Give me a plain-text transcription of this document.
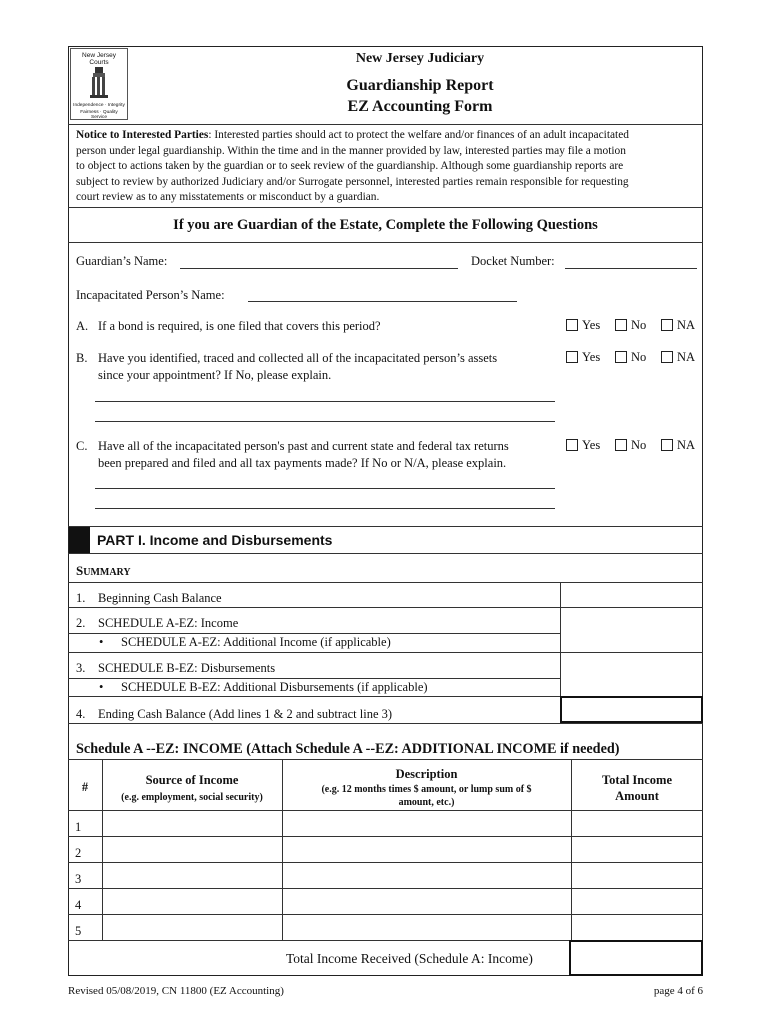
New Jersey Courts
Independence · Integrity
Fairness · Quality Service
New Jersey Judiciary
Guardianship Report
EZ Accounting Form
Notice to Interested Parties: Interested parties should act to protect the welfare and/or finances of an adult incapacitated
person under legal guardianship. Within the time and in the manner provided by law, interested parties may file a motion
to object to actions taken by the guardian or to seek review of the guardianship. Although some guardianship reports are
subject to review by authorized Judiciary and/or Surrogate personnel, interested parties remain responsible for requesting
court review as to any misstatements or misconduct by a guardian.
If you are Guardian of the Estate, Complete the Following Questions
Guardian’s Name:	Docket Number:
Incapacitated Person’s Name:
A. If a bond is required, is one filed that covers this period?	Yes No NA
B. Have you identified, traced and collected all of the incapacitated person’s assets
since your appointment? If No, please explain.
Yes No NA
C. Have all of the incapacitated person's past and current state and federal tax returns
been prepared and filed and all tax payments made? If No or N/A, please explain.
Yes No NA
PART I. Income and Disbursements
SUMMARY
1. Beginning Cash Balance
2. SCHEDULE A-EZ: Income
• SCHEDULE A-EZ: Additional Income (if applicable)
3. SCHEDULE B-EZ: Disbursements
• SCHEDULE B-EZ: Additional Disbursements (if applicable)
4. Ending Cash Balance (Add lines 1 & 2 and subtract line 3)
Schedule A --EZ: INCOME (Attach Schedule A --EZ: ADDITIONAL INCOME if needed)
#	Source of Income
(e.g. employment, social security)
Description
(e.g. 12 months times $ amount, or lump sum of $
amount, etc.)
Total Income
Amount
1
2
3
4
5
Total Income Received (Schedule A: Income)
Revised 05/08/2019, CN 11800 (EZ Accounting)	page 4 of 6
